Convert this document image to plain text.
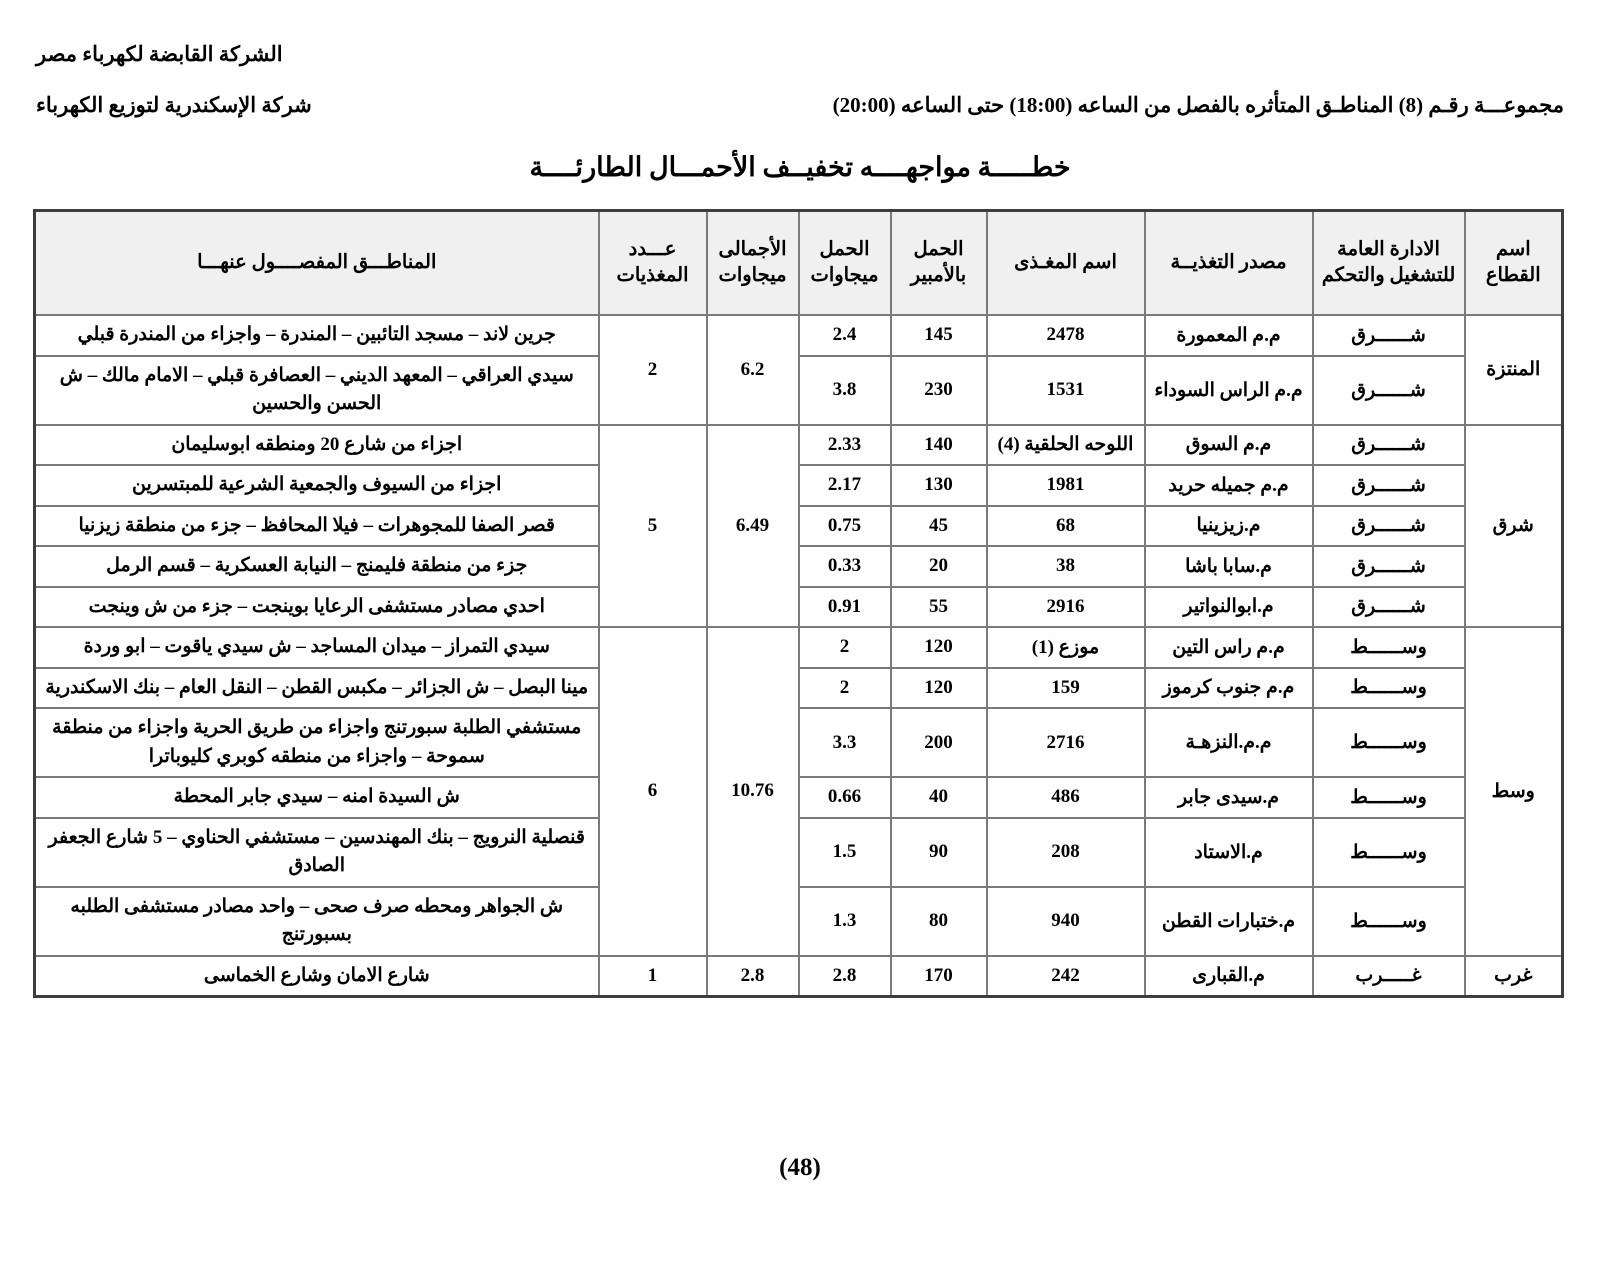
الشركة القابضة لكهرباء مصر
شركة الإسكندرية لتوزيع الكهرباء	مجموعـــة رقـم (8) المناطـق المتأثره بالفصل من الساعه (18:00) حتى الساعه (20:00)
خطـــــة مواجهــــه تخفيــف الأحمـــال الطارئــــة
اسم القطاع	الادارة العامة للتشغيل والتحكم	مصدر التغذيــة	اسم المغـذى	الحمل بالأمبير	الحمل ميجاوات	الأجمالى ميجاوات	عـــدد المغذيات	المناطـــق المفصــــول عنهـــا
المنتزة	شــــــرق	م.م المعمورة	2478	145	2.4	6.2	2	جرين لاند – مسجد التائبين – المندرة – واجزاء من المندرة قبلي
	شــــــرق	م.م الراس السوداء	1531	230	3.8			سيدي العراقي – المعهد الديني – العصافرة قبلي – الامام مالك – ش الحسن والحسين
شرق	شــــــرق	م.م السوق	اللوحه الحلقية (4)	140	2.33	6.49	5	اجزاء من شارع 20 ومنطقه ابوسليمان
	شــــــرق	م.م جميله حريد	1981	130	2.17			اجزاء من السيوف والجمعية الشرعية للمبتسرين
	شــــــرق	م.زيزينيا	68	45	0.75			قصر الصفا للمجوهرات – فيلا المحافظ – جزء من منطقة زيزنيا
	شــــــرق	م.سابا باشا	38	20	0.33			جزء من منطقة فليمنج – النيابة العسكرية – قسم الرمل
	شــــــرق	م.ابوالنواتير	2916	55	0.91			احدي مصادر مستشفى الرعايا بوينجت – جزء من ش وينجت
وسط	وســــــط	م.م راس التين	موزع (1)	120	2	10.76	6	سيدي التمراز – ميدان المساجد – ش سيدي ياقوت – ابو وردة
	وســــــط	م.م جنوب كرموز	159	120	2			مينا البصل – ش الجزائر – مكبس القطن – النقل العام – بنك الاسكندرية
	وســــــط	م.م.النزهـة	2716	200	3.3			مستشفي الطلبة سبورتنج واجزاء من طريق الحرية واجزاء من منطقة سموحة – واجزاء من منطقه كوبري كليوباترا
	وســــــط	م.سيدى جابر	486	40	0.66			ش السيدة امنه – سيدي جابر المحطة
	وســــــط	م.الاستاد	208	90	1.5			قنصلية النرويج – بنك المهندسين – مستشفي الحناوي – 5 شارع الجعفر الصادق
	وســــــط	م.ختبارات القطن	940	80	1.3			ش الجواهر ومحطه صرف صحى – واحد مصادر مستشفى الطلبه بسبورتنج
غرب	غـــــرب	م.القبارى	242	170	2.8	2.8	1	شارع الامان وشارع الخماسى
(48)
